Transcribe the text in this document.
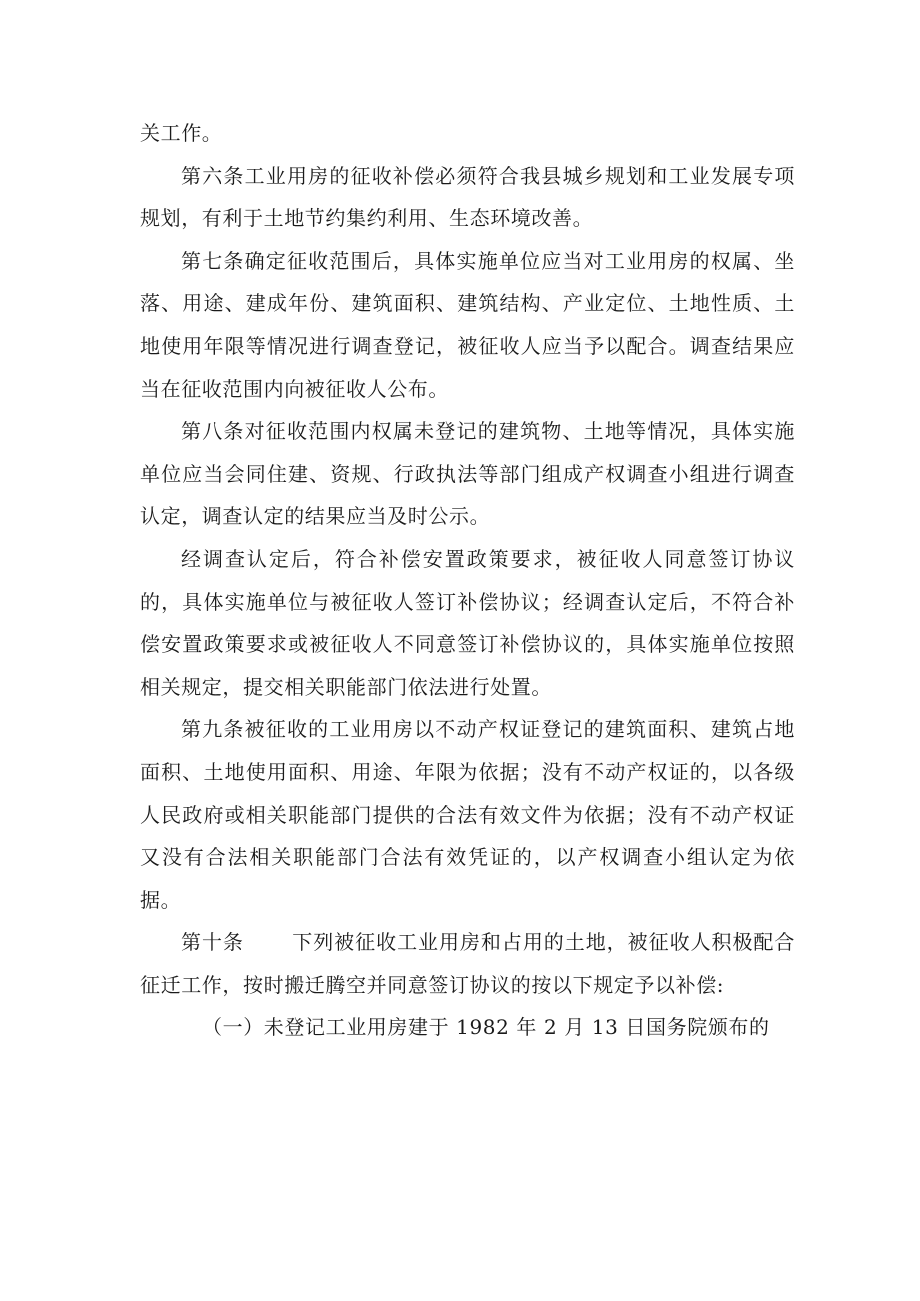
关工作。

第六条工业用房的征收补偿必须符合我县城乡规划和工业发展专项规划，有利于土地节约集约利用、生态环境改善。

第七条确定征收范围后，具体实施单位应当对工业用房的权属、坐落、用途、建成年份、建筑面积、建筑结构、产业定位、土地性质、土地使用年限等情况进行调查登记，被征收人应当予以配合。调查结果应当在征收范围内向被征收人公布。

第八条对征收范围内权属未登记的建筑物、土地等情况，具体实施单位应当会同住建、资规、行政执法等部门组成产权调查小组进行调查认定，调查认定的结果应当及时公示。

经调查认定后，符合补偿安置政策要求，被征收人同意签订协议的，具体实施单位与被征收人签订补偿协议；经调查认定后，不符合补偿安置政策要求或被征收人不同意签订补偿协议的，具体实施单位按照相关规定，提交相关职能部门依法进行处置。

第九条被征收的工业用房以不动产权证登记的建筑面积、建筑占地面积、土地使用面积、用途、年限为依据；没有不动产权证的，以各级人民政府或相关职能部门提供的合法有效文件为依据；没有不动产权证又没有合法相关职能部门合法有效凭证的，以产权调查小组认定为依据。

第十条 下列被征收工业用房和占用的土地，被征收人积极配合征迁工作，按时搬迁腾空并同意签订协议的按以下规定予以补偿:

（一）未登记工业用房建于 1982 年 2 月 13 日国务院颁布的
